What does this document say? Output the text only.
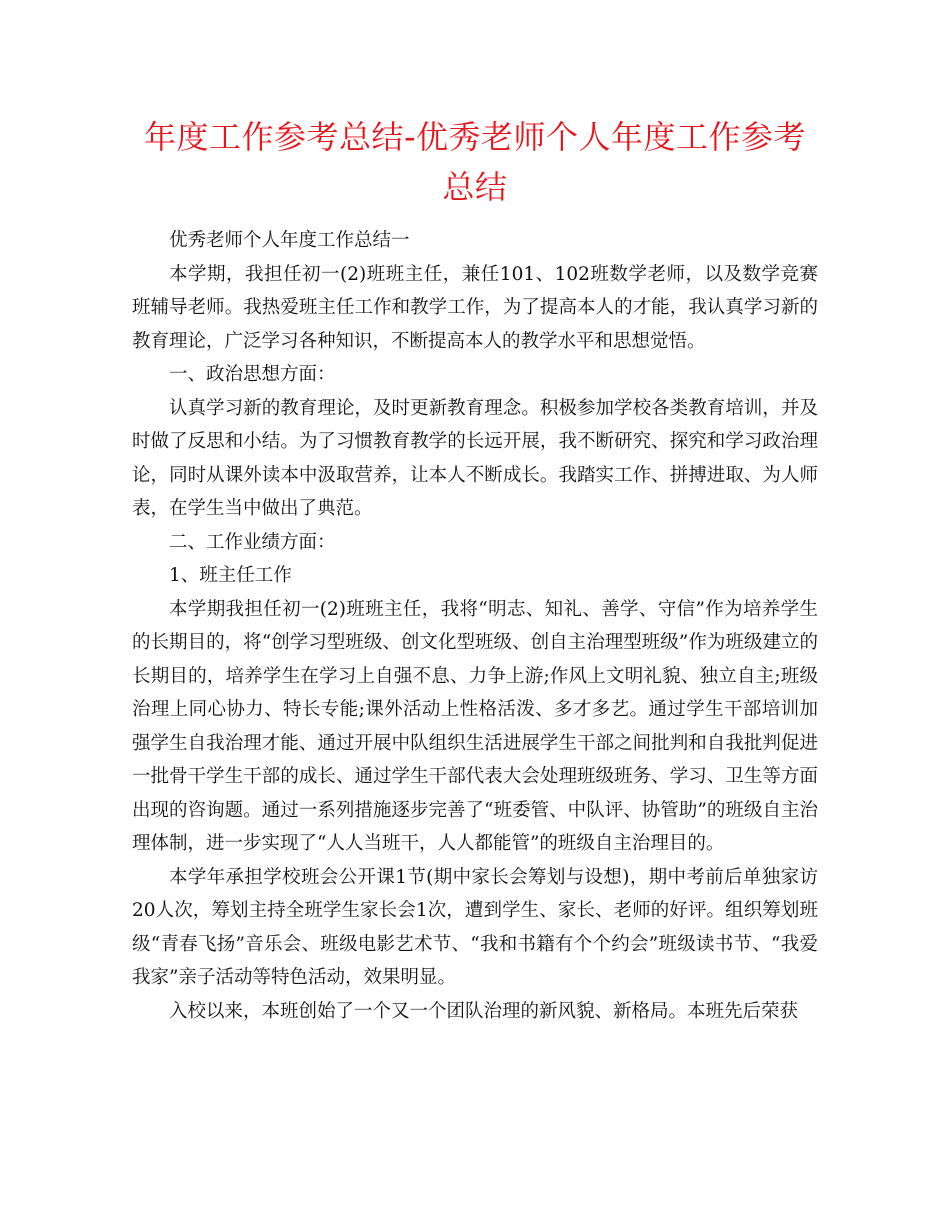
年度工作参考总结-优秀老师个人年度工作参考总结

优秀老师个人年度工作总结一

本学期，我担任初一(2)班班主任，兼任101、102班数学老师，以及数学竞赛班辅导老师。我热爱班主任工作和教学工作，为了提高本人的才能，我认真学习新的教育理论，广泛学习各种知识，不断提高本人的教学水平和思想觉悟。

一、政治思想方面：

认真学习新的教育理论，及时更新教育理念。积极参加学校各类教育培训，并及时做了反思和小结。为了习惯教育教学的长远开展，我不断研究、探究和学习政治理论，同时从课外读本中汲取营养，让本人不断成长。我踏实工作、拼搏进取、为人师表，在学生当中做出了典范。

二、工作业绩方面：

1、班主任工作

本学期我担任初一(2)班班主任，我将“明志、知礼、善学、守信”作为培养学生的长期目的，将“创学习型班级、创文化型班级、创自主治理型班级”作为班级建立的长期目的，培养学生在学习上自强不息、力争上游;作风上文明礼貌、独立自主;班级治理上同心协力、特长专能;课外活动上性格活泼、多才多艺。通过学生干部培训加强学生自我治理才能、通过开展中队组织生活进展学生干部之间批判和自我批判促进一批骨干学生干部的成长、通过学生干部代表大会处理班级班务、学习、卫生等方面出现的咨询题。通过一系列措施逐步完善了“班委管、中队评、协管助”的班级自主治理体制，进一步实现了“人人当班干，人人都能管”的班级自主治理目的。

本学年承担学校班会公开课1节(期中家长会筹划与设想)，期中考前后单独家访20人次，筹划主持全班学生家长会1次，遭到学生、家长、老师的好评。组织筹划班级“青春飞扬”音乐会、班级电影艺术节、“我和书籍有个个约会”班级读书节、“我爱我家”亲子活动等特色活动，效果明显。

入校以来，本班创始了一个又一个团队治理的新风貌、新格局。本班先后荣获
